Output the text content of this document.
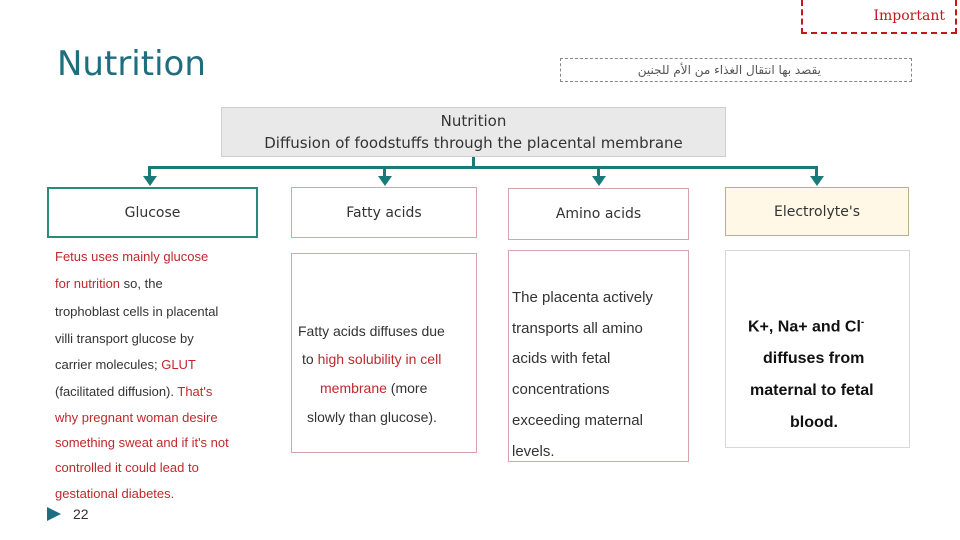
Important
Nutrition	يقصد بها انتقال الغذاء من الأم للجنين
Nutrition
Diffusion of foodstuffs through the placental membrane
Glucose	Fatty acids	Amino acids	Electrolyte's
Fetus uses mainly glucose
for nutrition so, the
trophoblast cells in placental
villi transport glucose by
carrier molecules; GLUT
(facilitated diffusion). That's
why pregnant woman desire
something sweat and if it's not
controlled it could lead to
gestational diabetes.
Fatty acids diffuses due
to high solubility in cell
membrane (more
slowly than glucose).
The placenta actively
transports all amino
acids with fetal
concentrations
exceeding maternal
levels.
K+, Na+ and Cl-
diffuses from
maternal to fetal
blood.
22
